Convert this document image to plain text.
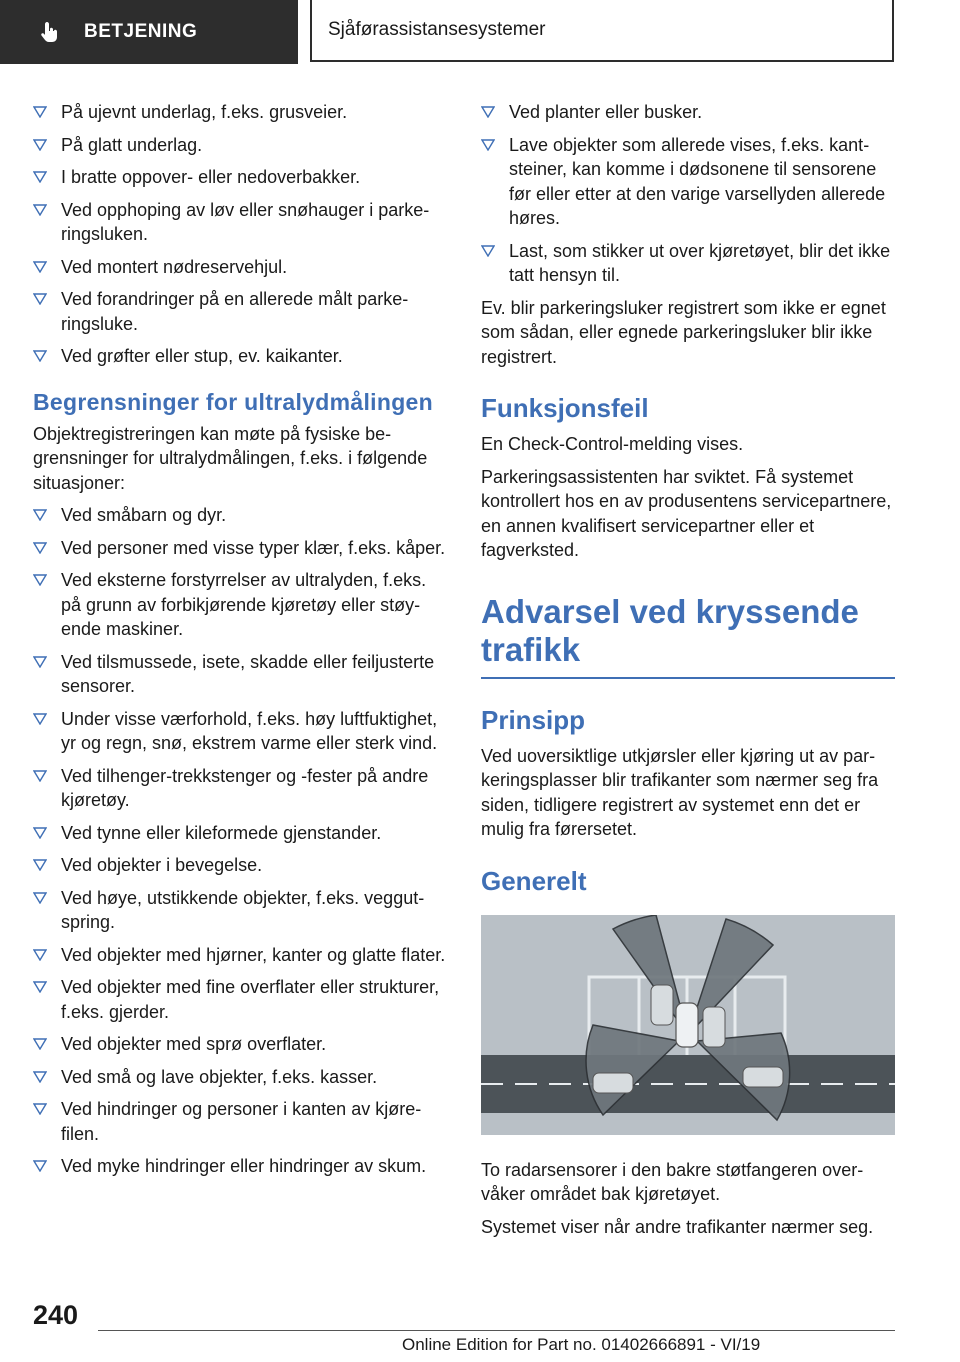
BETJENING	Sjåførassistansesystemer
På ujevnt underlag, f.eks. grusveier.
På glatt underlag.
I bratte oppover- eller nedoverbakker.
Ved opphoping av løv eller snøhauger i parkeringsluken.
Ved montert nødreservehjul.
Ved forandringer på en allerede målt parkeringsluke.
Ved grøfter eller stup, ev. kaikanter.
Begrensninger for ultralydmålingen

Objektregistreringen kan møte på fysiske begrensninger for ultralydmålingen, f.eks. i følgende situasjoner:

Ved småbarn og dyr.
Ved personer med visse typer klær, f.eks. kåper.
Ved eksterne forstyrrelser av ultralyden, f.eks. på grunn av forbikjørende kjøretøy eller støyende maskiner.
Ved tilsmussede, isete, skadde eller feiljusterte sensorer.
Under visse værforhold, f.eks. høy luftfuktighet, yr og regn, snø, ekstrem varme eller sterk vind.
Ved tilhenger-trekkstenger og -fester på andre kjøretøy.
Ved tynne eller kileformede gjenstander.
Ved objekter i bevegelse.
Ved høye, utstikkende objekter, f.eks. veggutspring.
Ved objekter med hjørner, kanter og glatte flater.
Ved objekter med fine overflater eller strukturer, f.eks. gjerder.
Ved objekter med sprø overflater.
Ved små og lave objekter, f.eks. kasser.
Ved hindringer og personer i kanten av kjørefilen.
Ved myke hindringer eller hindringer av skum.
Ved planter eller busker.
Lave objekter som allerede vises, f.eks. kantsteiner, kan komme i dødsonene til sensorene før eller etter at den varige varsellyden allerede høres.
Last, som stikker ut over kjøretøyet, blir det ikke tatt hensyn til.

Ev. blir parkeringsluker registrert som ikke er egnet som sådan, eller egnede parkeringsluker blir ikke registrert.

Funksjonsfeil

En Check-Control-melding vises.

Parkeringsassistenten har sviktet. Få systemet kontrollert hos en av produsentens servicepartnere, en annen kvalifisert servicepartner eller et fagverksted.

Advarsel ved kryssende trafikk
Prinsipp

Ved uoversiktlige utkjørsler eller kjøring ut av parkeringsplasser blir trafikanter som nærmer seg fra siden, tidligere registrert av systemet enn det er mulig fra førersetet.

Generelt

To radarsensorer i den bakre støtfangeren overvåker området bak kjøretøyet.

Systemet viser når andre trafikanter nærmer seg.

240
Online Edition for Part no. 01402666891 - VI/19
